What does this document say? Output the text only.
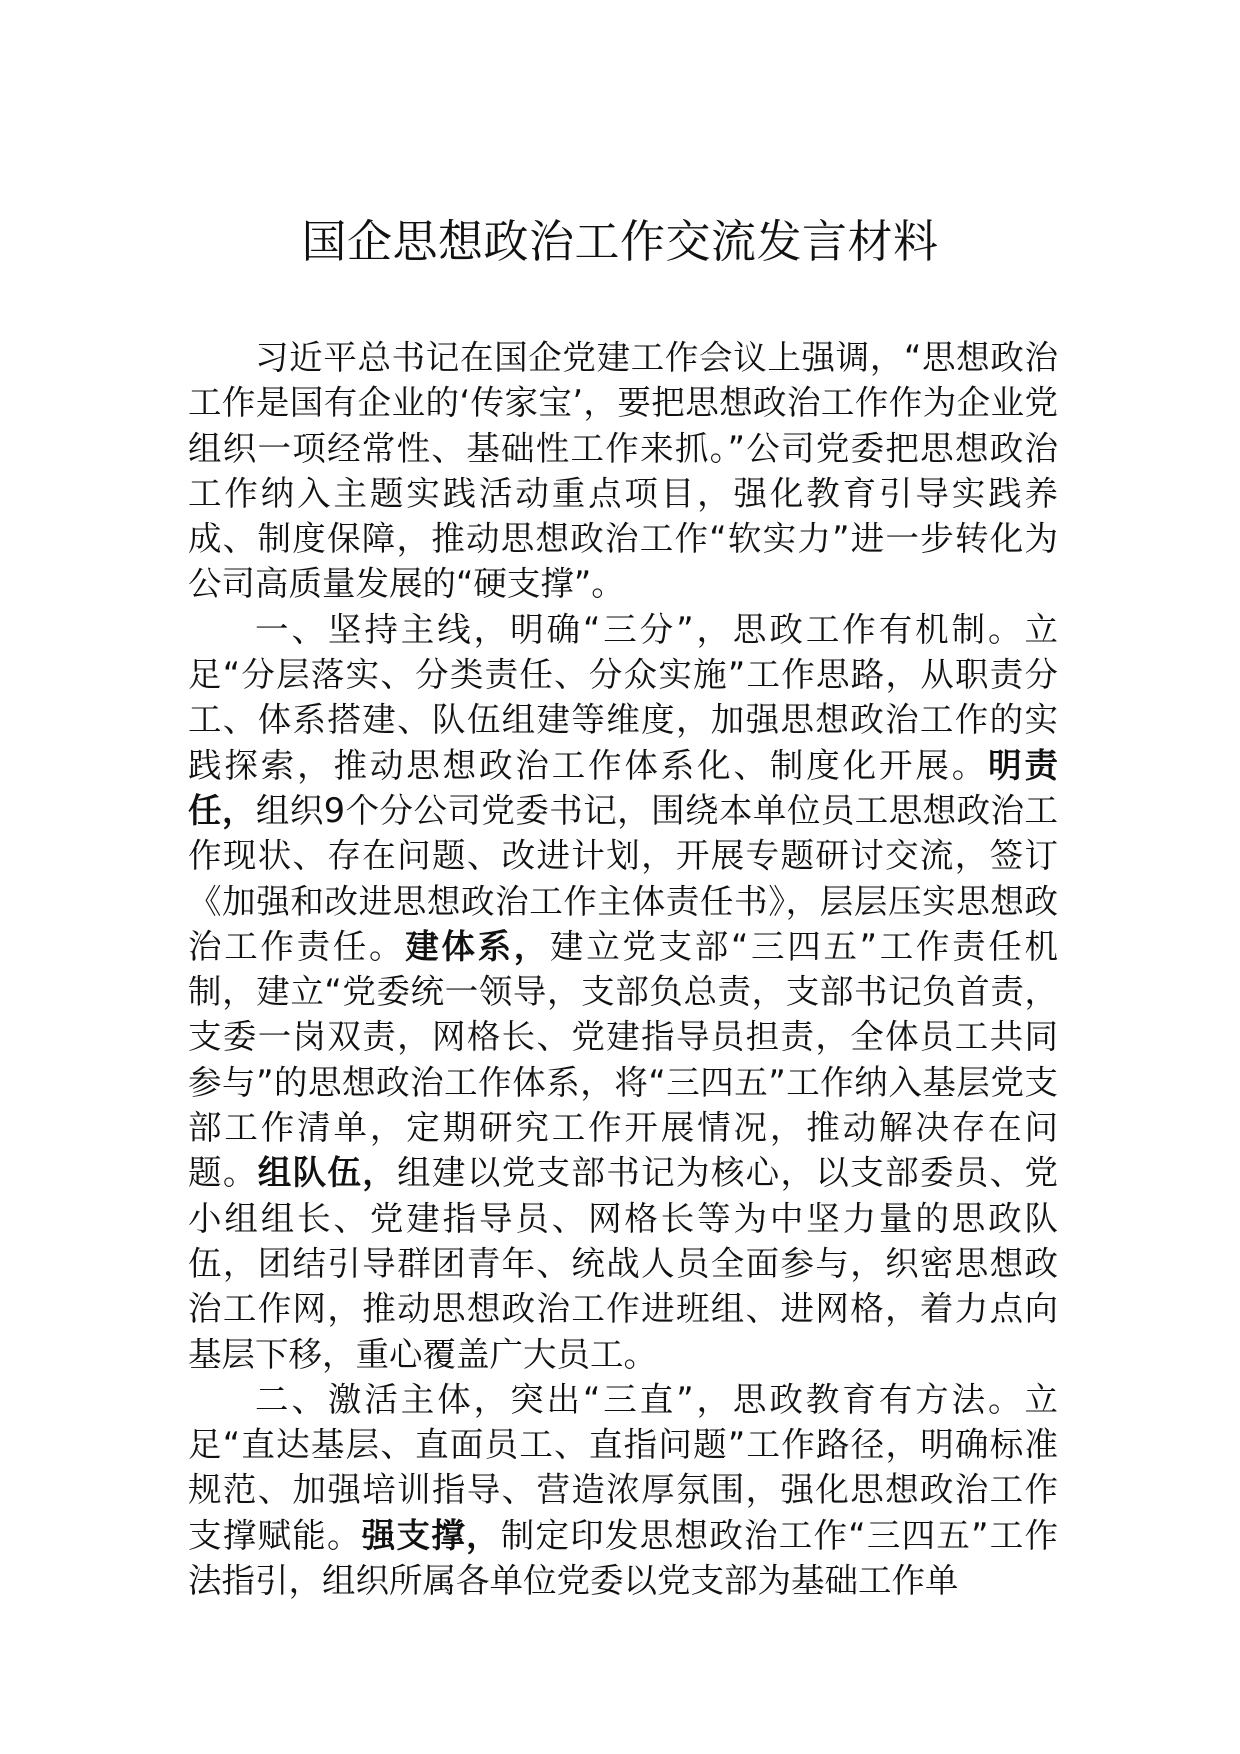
国企思想政治工作交流发言材料

习近平总书记在国企党建工作会议上强调，“思想政治工作是国有企业的‘传家宝’，要把思想政治工作作为企业党组织一项经常性、基础性工作来抓。”公司党委把思想政治工作纳入主题实践活动重点项目，强化教育引导实践养成、制度保障，推动思想政治工作“软实力”进一步转化为公司高质量发展的“硬支撑”。

一、坚持主线，明确“三分”，思政工作有机制。立足“分层落实、分类责任、分众实施”工作思路，从职责分工、体系搭建、队伍组建等维度，加强思想政治工作的实践探索，推动思想政治工作体系化、制度化开展。明责任，组织9个分公司党委书记，围绕本单位员工思想政治工作现状、存在问题、改进计划，开展专题研讨交流，签订《加强和改进思想政治工作主体责任书》，层层压实思想政治工作责任。建体系，建立党支部“三四五”工作责任机制，建立“党委统一领导，支部负总责，支部书记负首责，支委一岗双责，网格长、党建指导员担责，全体员工共同参与”的思想政治工作体系，将“三四五”工作纳入基层党支部工作清单，定期研究工作开展情况，推动解决存在问题。组队伍，组建以党支部书记为核心，以支部委员、党小组组长、党建指导员、网格长等为中坚力量的思政队伍，团结引导群团青年、统战人员全面参与，织密思想政治工作网，推动思想政治工作进班组、进网格，着力点向基层下移，重心覆盖广大员工。

二、激活主体，突出“三直”，思政教育有方法。立足“直达基层、直面员工、直指问题”工作路径，明确标准规范、加强培训指导、营造浓厚氛围，强化思想政治工作支撑赋能。强支撑，制定印发思想政治工作“三四五”工作法指引，组织所属各单位党委以党支部为基础工作单
